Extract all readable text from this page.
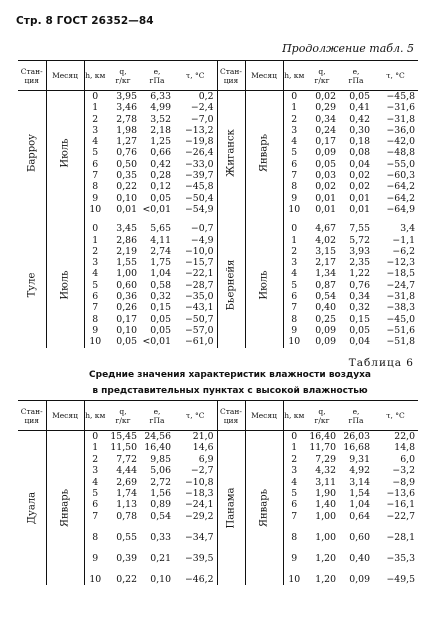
Стр. 8 ГОСТ 26352—84
Продолжение табл. 5
Стан-
ция	Месяц	h, км	q,
г/кг	e,
гПа	τ, °C	Стан-
ция	Месяц	h, км	q,
г/кг	e,
гПа	τ, °C

Барроу	Июль	0	3,95	6,33	0,2	Жиганск	Январь	0	0,02	0,05	−45,8
		1	3,46	4,99	−2,4			1	0,29	0,41	−31,6
		2	2,78	3,52	−7,0			2	0,34	0,42	−31,8
		3	1,98	2,18	−13,2			3	0,24	0,30	−36,0
		4	1,27	1,25	−19,8			4	0,17	0,18	−42,0
		5	0,76	0,66	−26,4			5	0,09	0,08	−48,8
		6	0,50	0,42	−33,0			6	0,05	0,04	−55,0
		7	0,35	0,28	−39,7			7	0,03	0,02	−60,3
		8	0,22	0,12	−45,8			8	0,02	0,02	−64,2
		9	0,10	0,05	−50,4			9	0,01	0,01	−64,2
		10	0,01	<0,01	−54,9			10	0,01	0,01	−64,9

Туле	Июль	0	3,45	5,65	−0,7	Бьернейя	Июль	0	4,67	7,55	3,4
		1	2,86	4,11	−4,9			1	4,02	5,72	−1,1
		2	2,19	2,74	−10,0			2	3,15	3,93	−6,2
		3	1,55	1,75	−15,7			3	2,17	2,35	−12,3
		4	1,00	1,04	−22,1			4	1,34	1,22	−18,5
		5	0,60	0,58	−28,7			5	0,87	0,76	−24,7
		6	0,36	0,32	−35,0			6	0,54	0,34	−31,8
		7	0,26	0,15	−43,1			7	0,40	0,32	−38,3
		8	0,17	0,05	−50,7			8	0,25	0,15	−45,0
		9	0,10	0,05	−57,0			9	0,09	0,05	−51,6
		10	0,05	<0,01	−61,0			10	0,09	0,04	−51,8
Таблица 6
Средние значения характеристик влажности воздуха
в представительных пунктах с высокой влажностью
Стан-
ция	Месяц	h, км	q,
г/кг	e,
гПа	τ, °C	Стан-
ция	Месяц	h, км	q,
г/кг	e,
гПа	τ, °C

Дуала	Январь	0	15,45	24,56	21,0	Панама	Январь	0	16,40	26,03	22,0
		1	11,50	16,40	14,6			1	11,70	16,68	14,8
		2	7,72	9,85	6,9			2	7,29	9,31	6,0
		3	4,44	5,06	−2,7			3	4,32	4,92	−3,2
		4	2,69	2,72	−10,8			4	3,11	3,14	−8,9
		5	1,74	1,56	−18,3			5	1,90	1,54	−13,6
		6	1,13	0,89	−24,1			6	1,40	1,04	−16,1
		7	0,78	0,54	−29,2			7	1,00	0,64	−22,7
		8	0,55	0,33	−34,7			8	1,00	0,60	−28,1
		9	0,39	0,21	−39,5			9	1,20	0,40	−35,3
		10	0,22	0,10	−46,2			10	1,20	0,09	−49,5
